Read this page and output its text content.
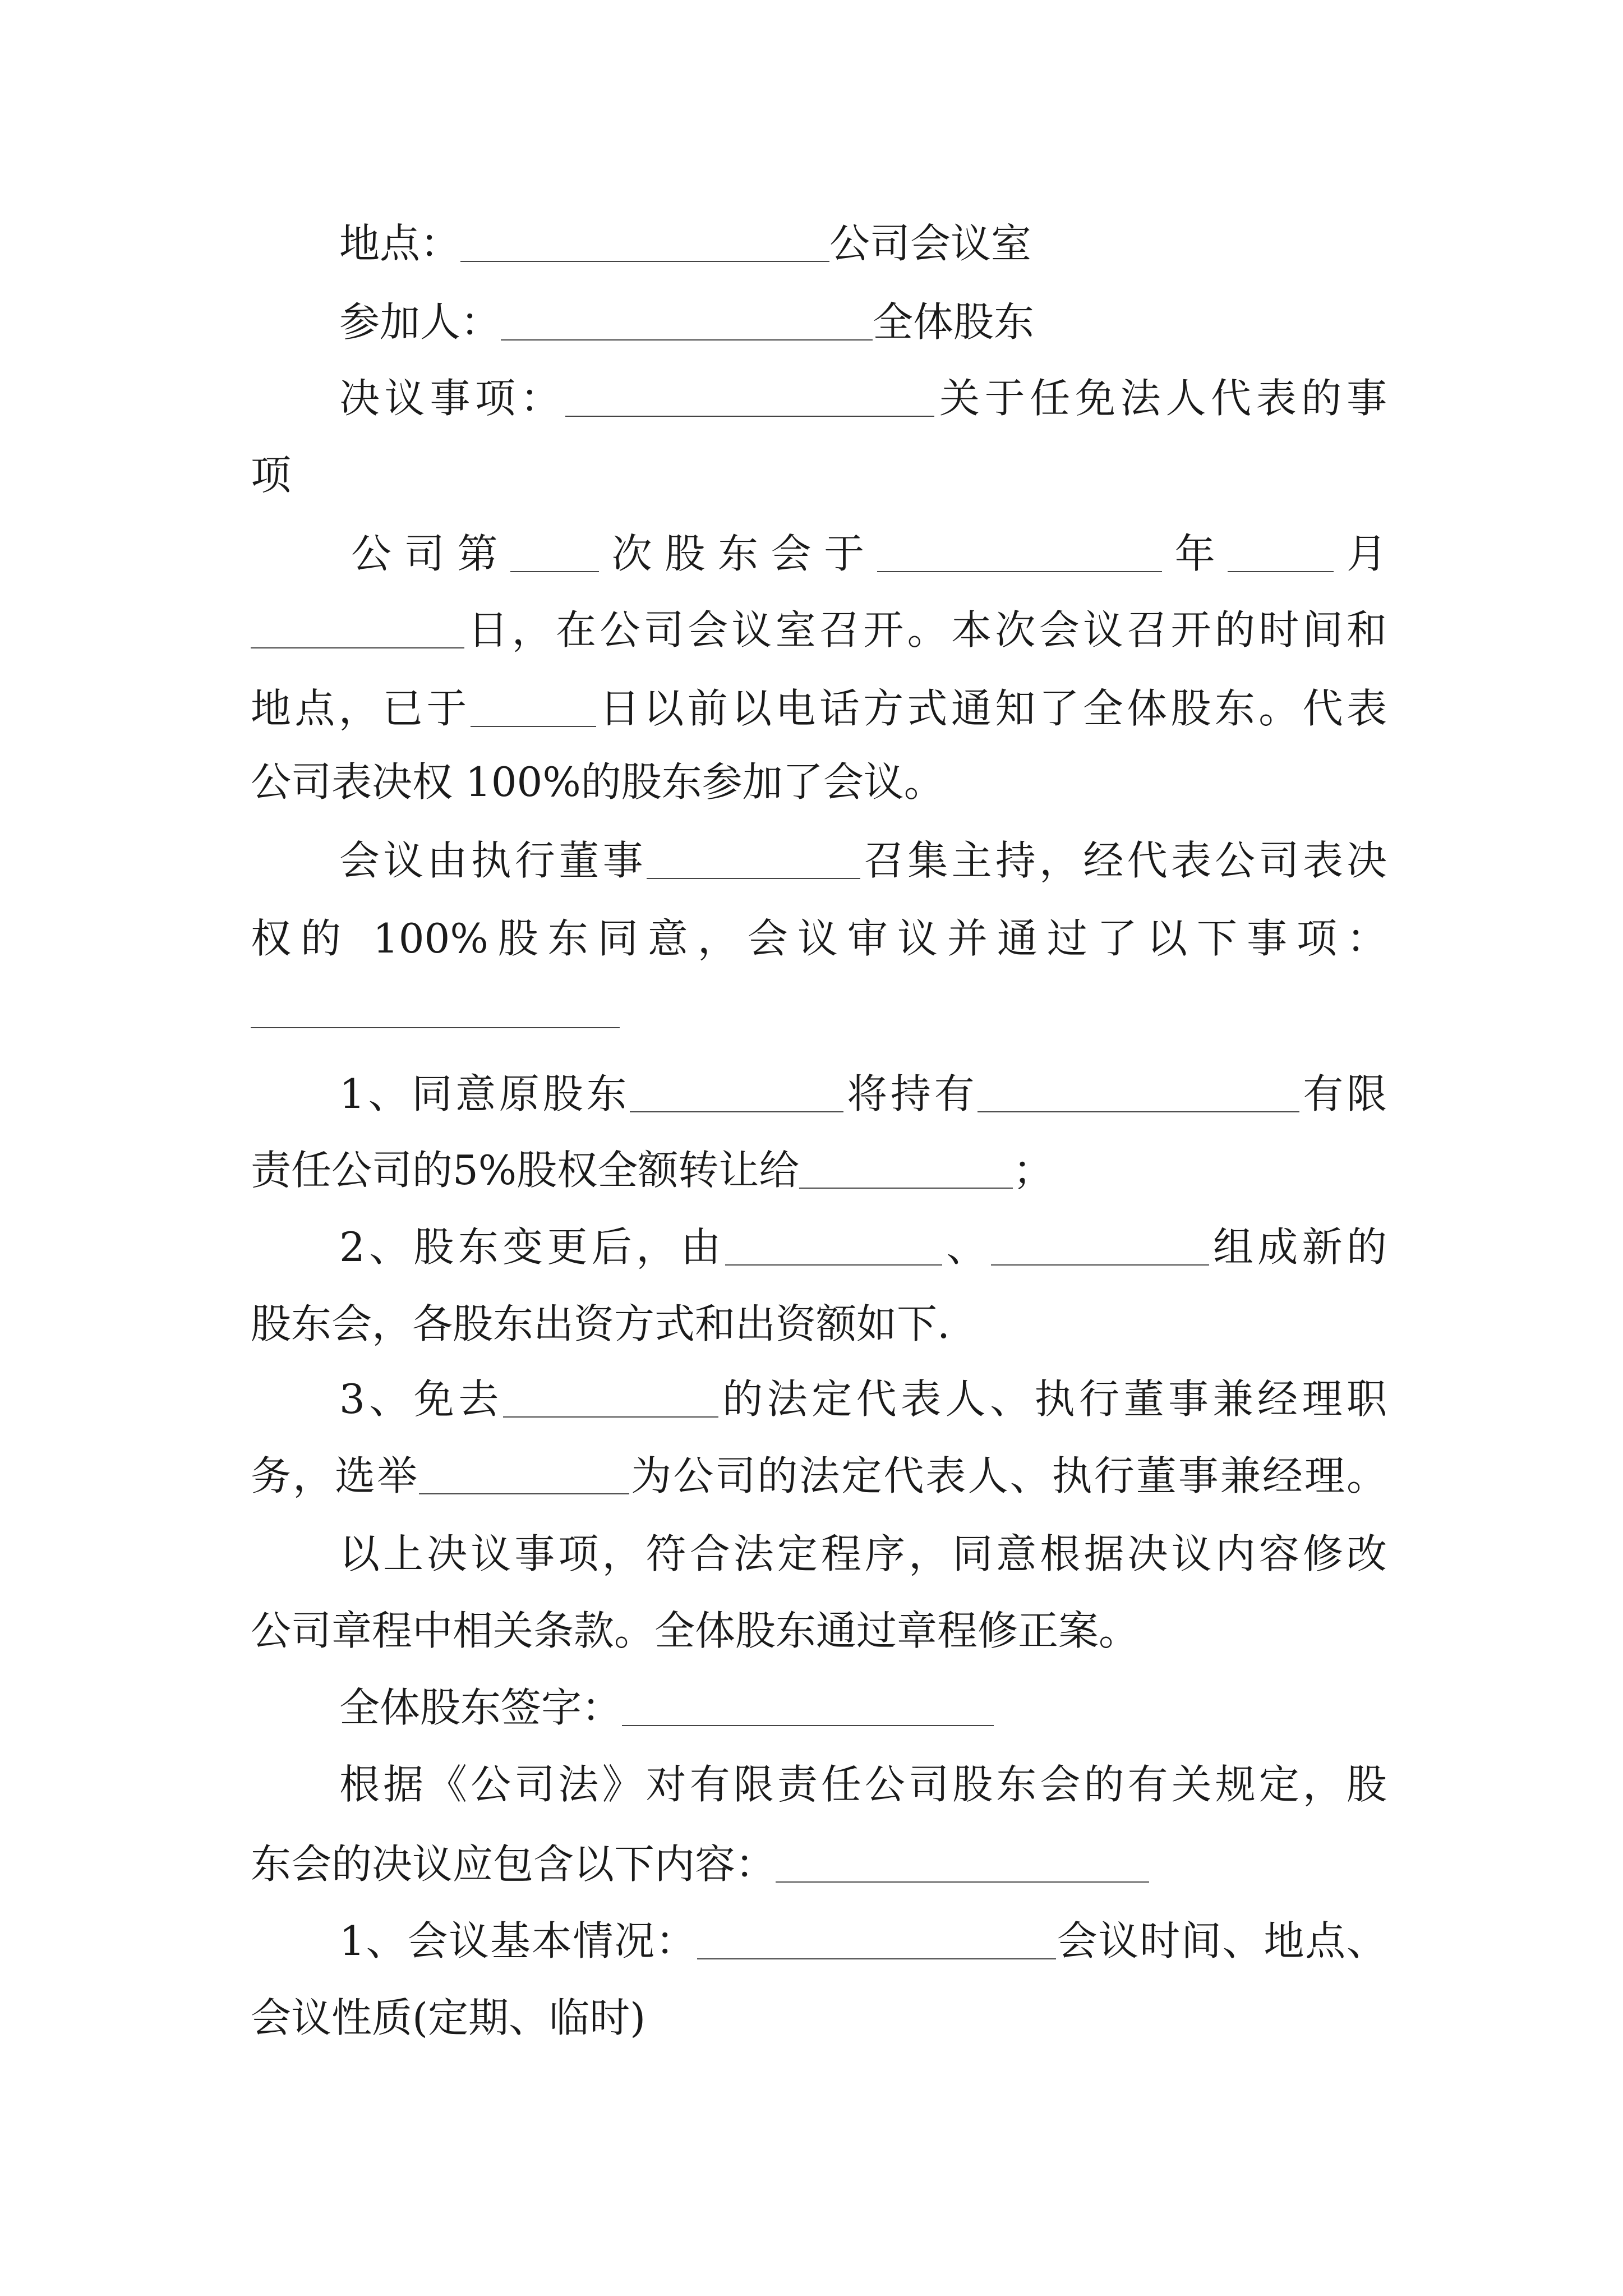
地点：	公司会议室
参加人：	全体股东
决议事项：	关于任免法人代表的事
项
公司第 次股东会于	年	月
日，在公司会议室召开。本次会议召开的时间和
地点，已于	日以前以电话方式通知了全体股东。代表
公司表决权 100%的股东参加了会议。
会议由执行董事	召集主持，经代表公司表决
权的 100%股东同意，会议审议并通过了以下事项：
1、同意原股东	将持有	有限
责任公司的5%股权全额转让给	；
2、股东变更后，由	、	组成新的
股东会，各股东出资方式和出资额如下.
3、免去	的法定代表人、执行董事兼经理职
务，选举	为公司的法定代表人、执行董事兼经理。
以上决议事项，符合法定程序，同意根据决议内容修改
公司章程中相关条款。全体股东通过章程修正案。
全体股东签字：
根据《公司法》对有限责任公司股东会的有关规定，股
东会的决议应包含以下内容：
1、会议基本情况：	会议时间、地点、
会议性质(定期、临时)
